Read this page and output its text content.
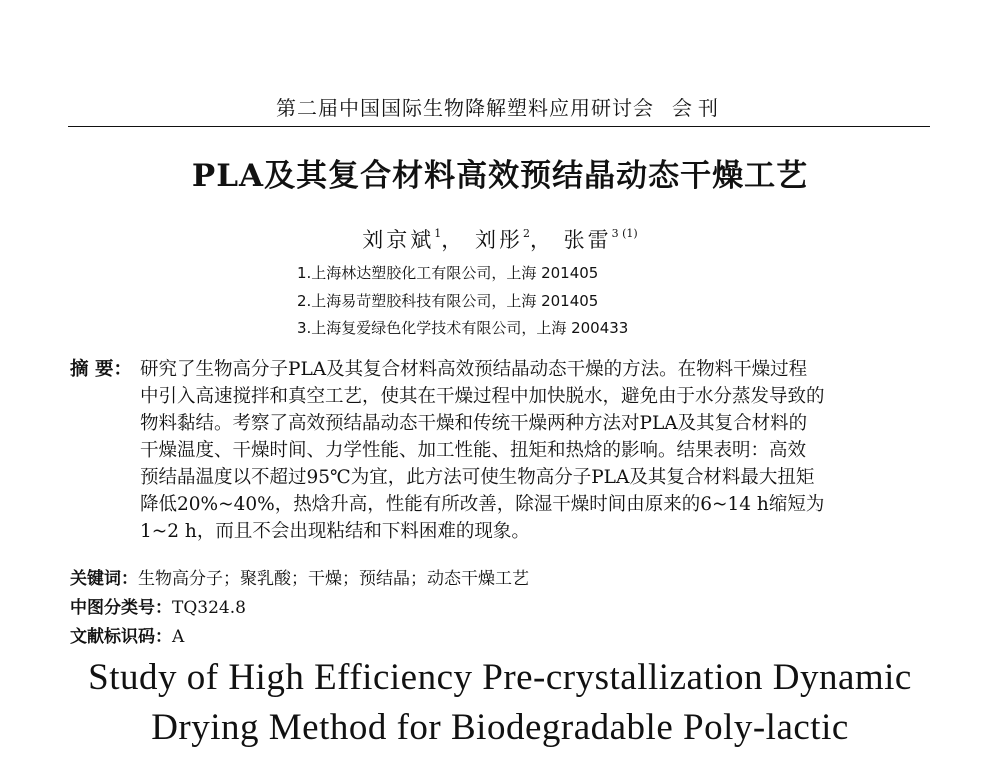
第二届中国国际生物降解塑料应用研讨会 会刊
PLA及其复合材料高效预结晶动态干燥工艺
刘京斌$^1$， 刘彤$^2$， 张雷$^{3 (1)}$
1.上海林达塑胶化工有限公司，上海 201405
2.上海易苛塑胶科技有限公司，上海 201405
3.上海复爱绿色化学技术有限公司，上海 200433
摘 要： 研究了生物高分子PLA及其复合材料高效预结晶动态干燥的方法。在物料干燥过程
中引入高速搅拌和真空工艺，使其在干燥过程中加快脱水，避免由于水分蒸发导致的
物料黏结。考察了高效预结晶动态干燥和传统干燥两种方法对PLA及其复合材料的
干燥温度、干燥时间、力学性能、加工性能、扭矩和热焓的影响。结果表明：高效
预结晶温度以不超过95℃为宜，此方法可使生物高分子PLA及其复合材料最大扭矩
降低20%~40%，热焓升高，性能有所改善，除湿干燥时间由原来的6~14 h缩短为
1~2 h，而且不会出现粘结和下料困难的现象。
关键词：生物高分子；聚乳酸；干燥；预结晶；动态干燥工艺
中图分类号：TQ324.8
文献标识码：A
Study of High Efficiency Pre-crystallization Dynamic
Drying Method for Biodegradable Poly-lactic
